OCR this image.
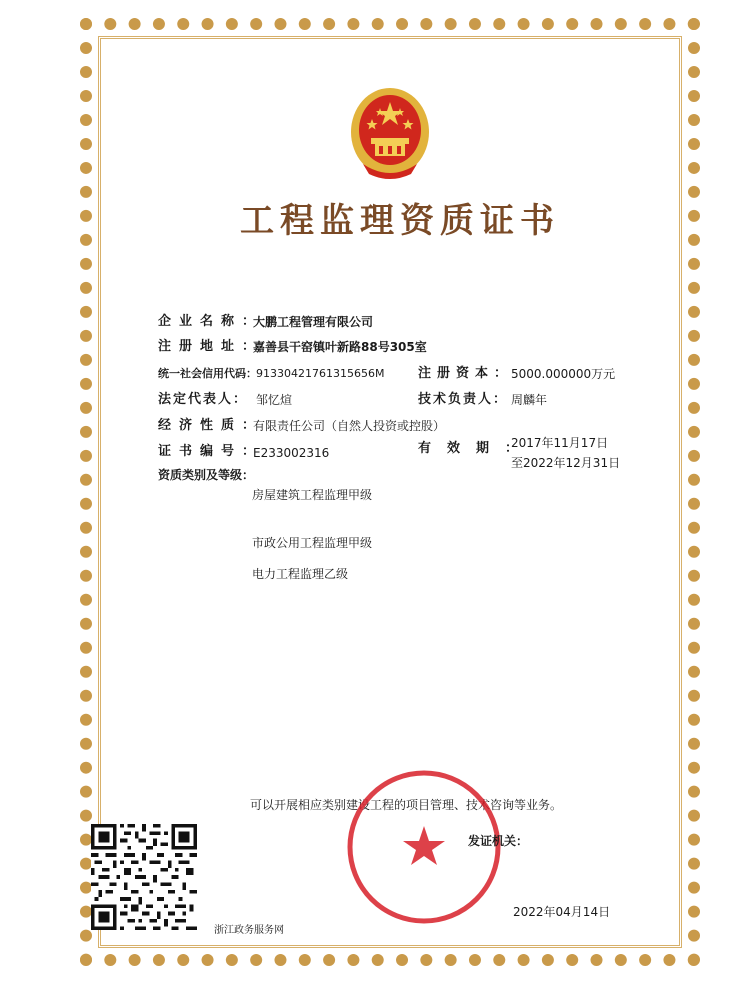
工程监理资质证书
企业名称：
大鹏工程管理有限公司
注册地址：
嘉善县干窑镇叶新路88号305室
统一社会信用代码： 91330421761315656M	注册资本：
5000.000000万元
法定代表人： 邹忆煊	技术负责人： 周麟年
经济性质：
有限责任公司（自然人投资或控股）
证书编号：
E233002316	有效期：
2017年11月17日
至2022年12月31日
资质类别及等级：
房屋建筑工程监理甲级
市政公用工程监理甲级
电力工程监理乙级
可以开展相应类别建设工程的项目管理、技术咨询等业务。
发证机关：
2022年04月14日
浙江政务服务网
